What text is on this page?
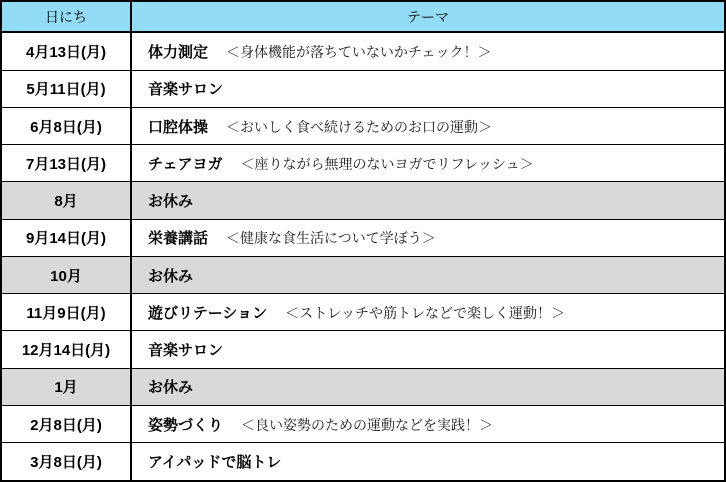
日にち	テーマ
4月13日(月)	体力測定 ＜身体機能が落ちていないかチェック！＞
5月11日(月)	音楽サロン
6月8日(月)	口腔体操 ＜おいしく食べ続けるためのお口の運動＞
7月13日(月)	チェアヨガ ＜座りながら無理のないヨガでリフレッシュ＞
8月	お休み
9月14日(月)	栄養講話 ＜健康な食生活について学ぼう＞
10月	お休み
11月9日(月)	遊びリテーション ＜ストレッチや筋トレなどで楽しく運動！＞
12月14日(月)	音楽サロン
1月	お休み
2月8日(月)	姿勢づくり ＜良い姿勢のための運動などを実践！＞
3月8日(月)	アイパッドで脳トレ
